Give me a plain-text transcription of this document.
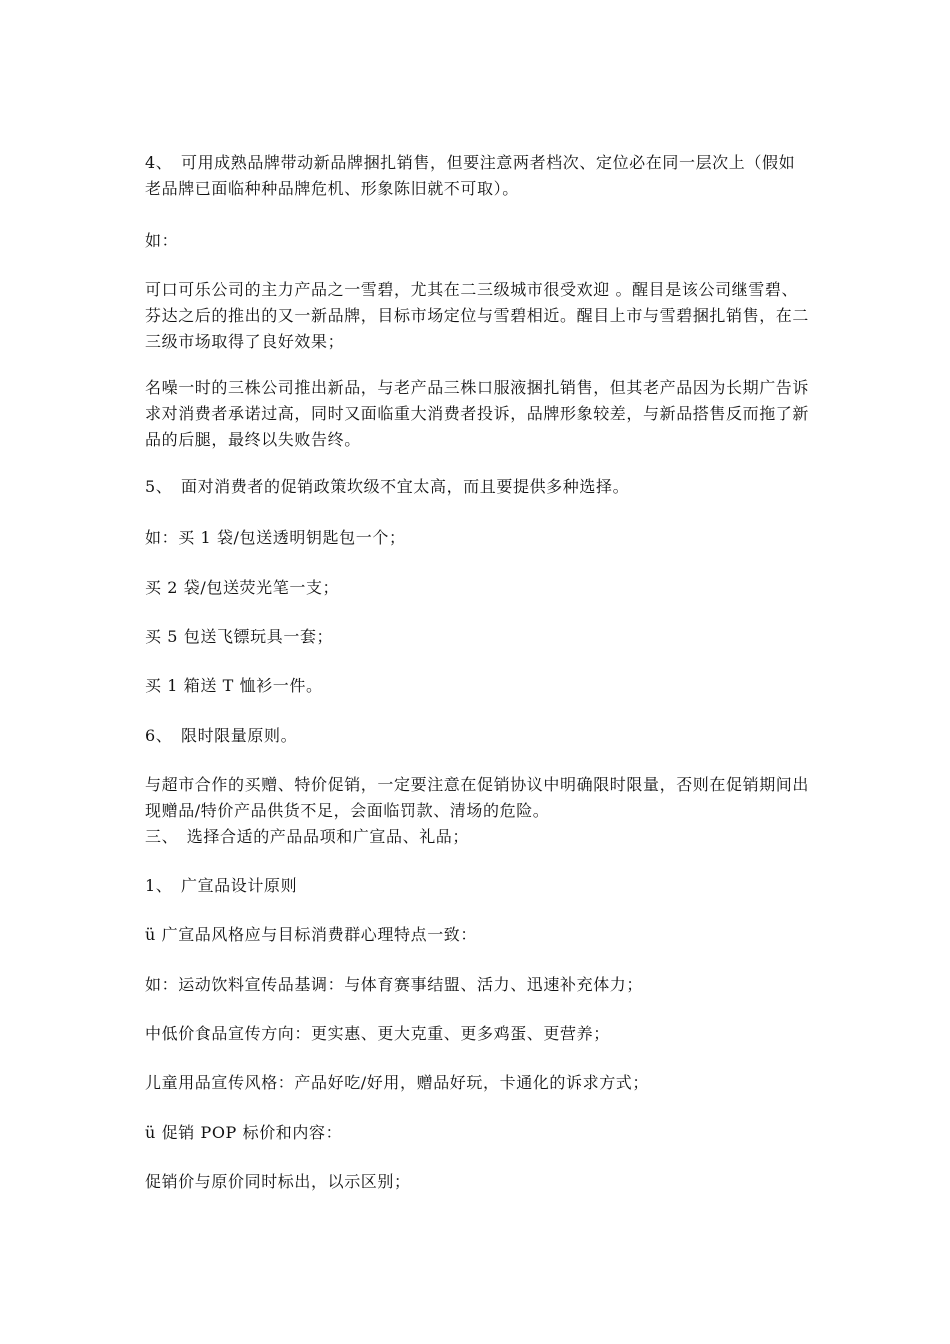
4、　可用成熟品牌带动新品牌捆扎销售，但要注意两者档次、定位必在同一层次上（假如老品牌已面临种种品牌危机、形象陈旧就不可取）。

如：

可口可乐公司的主力产品之一雪碧，尤其在二三级城市很受欢迎 。醒目是该公司继雪碧、芬达之后的推出的又一新品牌，目标市场定位与雪碧相近。醒目上市与雪碧捆扎销售，在二三级市场取得了良好效果；

名噪一时的三株公司推出新品，与老产品三株口服液捆扎销售，但其老产品因为长期广告诉求对消费者承诺过高，同时又面临重大消费者投诉，品牌形象较差，与新品搭售反而拖了新品的后腿，最终以失败告终。

5、　面对消费者的促销政策坎级不宜太高，而且要提供多种选择。

如：买 1 袋/包送透明钥匙包一个；

买 2 袋/包送荧光笔一支；

买 5 包送飞镖玩具一套；

买 1 箱送 T 恤衫一件。

6、　限时限量原则。

与超市合作的买赠、特价促销，一定要注意在促销协议中明确限时限量，否则在促销期间出现赠品/特价产品供货不足，会面临罚款、清场的危险。

三、　选择合适的产品品项和广宣品、礼品；

1、　广宣品设计原则

ü 广宣品风格应与目标消费群心理特点一致：

如：运动饮料宣传品基调：与体育赛事结盟、活力、迅速补充体力；

中低价食品宣传方向：更实惠、更大克重、更多鸡蛋、更营养；

儿童用品宣传风格：产品好吃/好用，赠品好玩，卡通化的诉求方式；

ü 促销 POP 标价和内容：

促销价与原价同时标出，以示区别；
